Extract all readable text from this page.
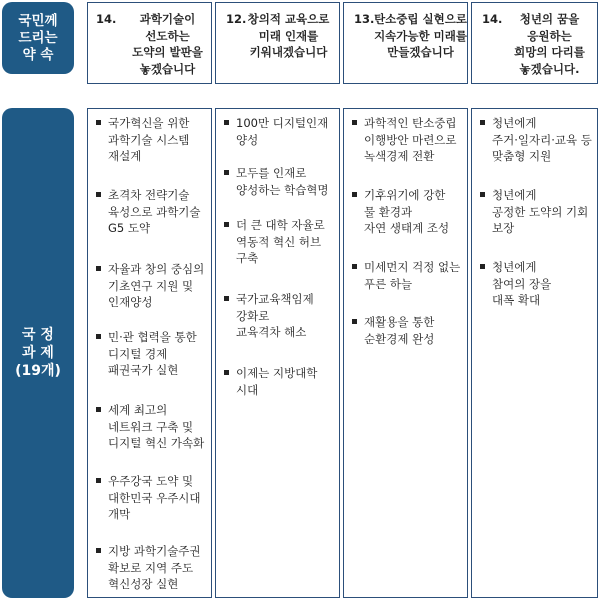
국민께
드리는
약 속
국 정
과 제
(19개)
14.	과학기술이
선도하는
도약의 발판을
놓겠습니다
국가혁신을 위한
과학기술 시스템
재설계
초격차 전략기술
육성으로 과학기술
G5 도약
자율과 창의 중심의
기초연구 지원 및
인재양성
민·관 협력을 통한
디지털 경제
패권국가 실현
세계 최고의
네트워크 구축 및
디지털 혁신 가속화
우주강국 도약 및
대한민국 우주시대
개막
지방 과학기술주권
확보로 지역 주도
혁신성장 실현
12. 창의적 교육으로
미래 인재를
키워내겠습니다
100만 디지털인재
양성
모두를 인재로
양성하는 학습혁명
더 큰 대학 자율로
역동적 혁신 허브
구축
국가교육책임제
강화로
교육격차 해소
이제는 지방대학
시대
13. 탄소중립 실현으로
지속가능한 미래를
만들겠습니다
과학적인 탄소중립
이행방안 마련으로
녹색경제 전환
기후위기에 강한
물 환경과
자연 생태계 조성
미세먼지 걱정 없는
푸른 하늘
재활용을 통한
순환경제 완성
14.	청년의 꿈을
응원하는
희망의 다리를
놓겠습니다.
청년에게
주거·일자리·교육 등
맞춤형 지원
청년에게
공정한 도약의 기회
보장
청년에게
참여의 장을
대폭 확대
